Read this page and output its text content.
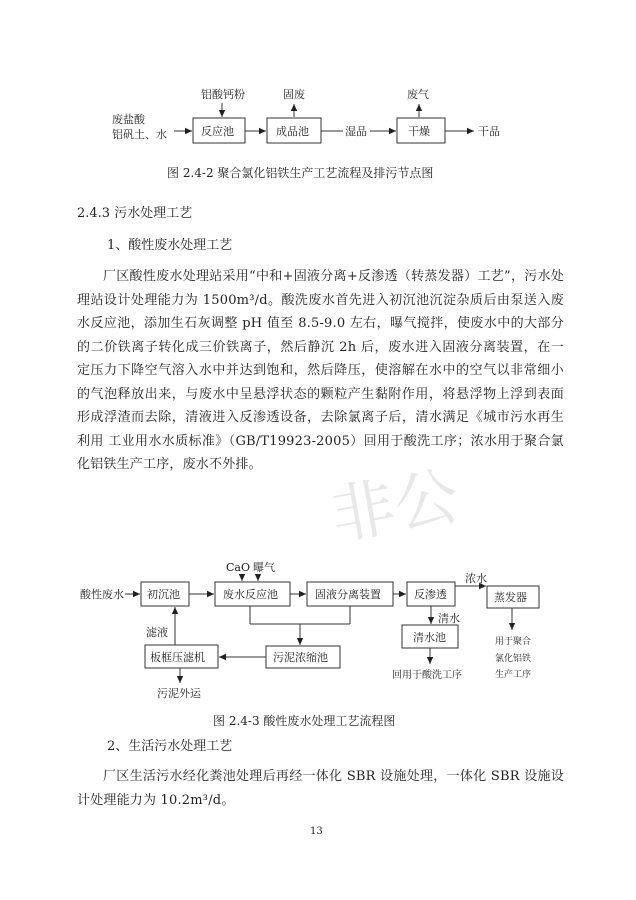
非公
废盐酸
铝矾土、水
铝酸钙粉
反应池
固废
成品池	湿品
废气
干燥	干品
酸性废水 初沉池
CaO 曝气
废水反应池	固液分离装置	反渗透
浓水
蒸发器
用于聚合
氯化铝铁
生产工序
清水
清水池
回用于酸洗工序
污泥浓缩池
板框压滤机
滤液
污泥外运
图 2.4-2 聚合氯化铝铁生产工艺流程及排污节点图
2.4.3 污水处理工艺
1、酸性废水处理工艺
厂区酸性废水处理站采用“中和+固液分离+反渗透（转蒸发器）工艺”，污水处理站设计处理能力为 1500m³/d。酸洗废水首先进入初沉池沉淀杂质后由泵送入废水反应池，添加生石灰调整 pH 值至 8.5-9.0 左右，曝气搅拌，使废水中的大部分的二价铁离子转化成三价铁离子，然后静沉 2h 后，废水进入固液分离装置，在一定压力下降空气溶入水中并达到饱和，然后降压，使溶解在水中的空气以非常细小的气泡释放出来，与废水中呈悬浮状态的颗粒产生黏附作用，将悬浮物上浮到表面形成浮渣而去除，清液进入反渗透设备，去除氯离子后，清水满足《城市污水再生利用 工业用水水质标准》（GB/T19923-2005）回用于酸洗工序；浓水用于聚合氯化铝铁生产工序，废水不外排。
图 2.4-3 酸性废水处理工艺流程图
2、生活污水处理工艺
厂区生活污水经化粪池处理后再经一体化 SBR 设施处理，一体化 SBR 设施设计处理能力为 10.2m³/d。
13
